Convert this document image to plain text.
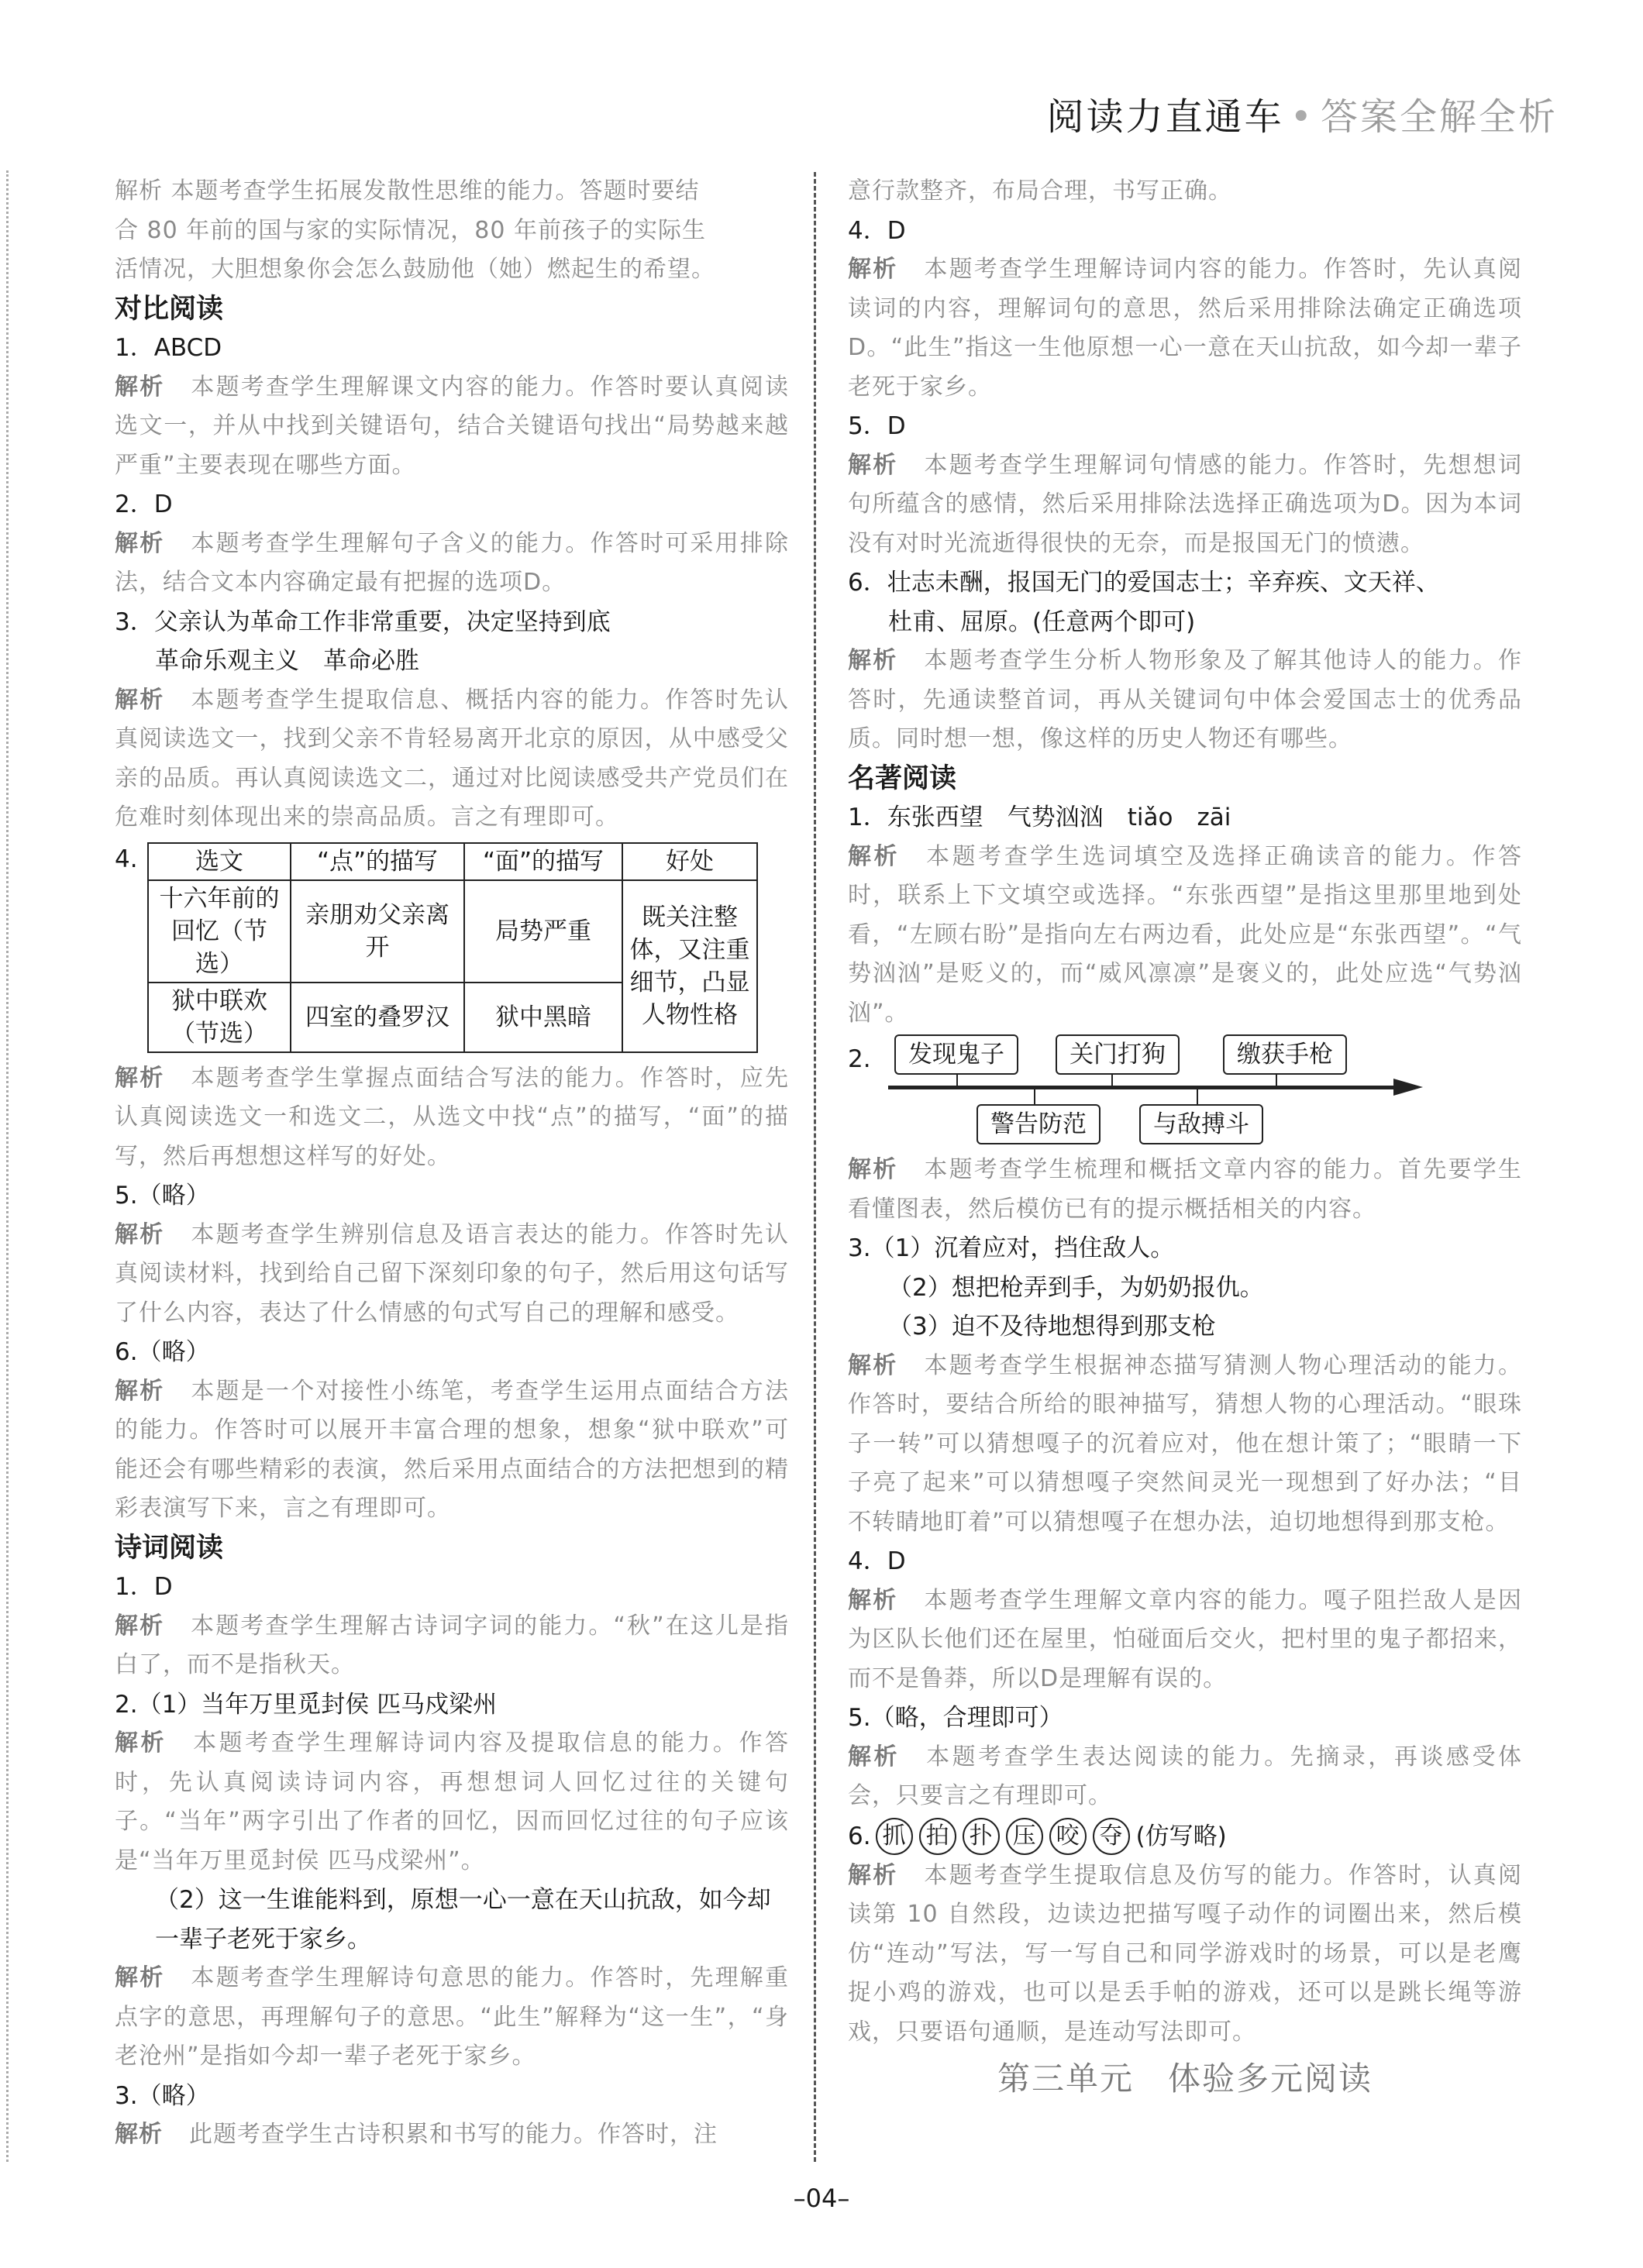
阅读力直通车 • 答案全解全析
解析 本题考查学生拓展发散性思维的能力。答题时要结
合 80 年前的国与家的实际情况，80 年前孩子的实际生
活情况，大胆想象你会怎么鼓励他（她）燃起生的希望。
对比阅读
1．ABCD
解析 本题考查学生理解课文内容的能力。作答时要认真阅读选文一，并从中找到关键语句，结合关键语句找出“局势越来越严重”主要表现在哪些方面。
2．D
解析 本题考查学生理解句子含义的能力。作答时可采用排除法，结合文本内容确定最有把握的选项D。
3．父亲认为革命工作非常重要，决定坚持到底
革命乐观主义　革命必胜
解析 本题考查学生提取信息、概括内容的能力。作答时先认真阅读选文一，找到父亲不肯轻易离开北京的原因，从中感受父亲的品质。再认真阅读选文二，通过对比阅读感受共产党员们在危难时刻体现出来的崇高品质。言之有理即可。
4.	选文	“点”的描写	“面”的描写	好处
十六年前的回忆（节选）	亲朋劝父亲离开	局势严重	既关注整体，又注重细节，凸显人物性格
狱中联欢（节选）	四室的叠罗汉	狱中黑暗	
解析 本题考查学生掌握点面结合写法的能力。作答时，应先认真阅读选文一和选文二，从选文中找“点”的描写，“面”的描写，然后再想想这样写的好处。
5.（略）
解析 本题考查学生辨别信息及语言表达的能力。作答时先认真阅读材料，找到给自己留下深刻印象的句子，然后用这句话写了什么内容，表达了什么情感的句式写自己的理解和感受。
6.（略）
解析 本题是一个对接性小练笔，考查学生运用点面结合方法的能力。作答时可以展开丰富合理的想象，想象“狱中联欢”可能还会有哪些精彩的表演，然后采用点面结合的方法把想到的精彩表演写下来，言之有理即可。
诗词阅读
1．D
解析 本题考查学生理解古诗词字词的能力。“秋”在这儿是指白了，而不是指秋天。
2.（1）当年万里觅封侯 匹马戍梁州
解析 本题考查学生理解诗词内容及提取信息的能力。作答时，先认真阅读诗词内容，再想想词人回忆过往的关键句子。“当年”两字引出了作者的回忆，因而回忆过往的句子应该是“当年万里觅封侯 匹马戍梁州”。
（2）这一生谁能料到，原想一心一意在天山抗敌，如今却一辈子老死于家乡。
解析 本题考查学生理解诗句意思的能力。作答时，先理解重点字的意思，再理解句子的意思。“此生”解释为“这一生”，“身老沧州”是指如今却一辈子老死于家乡。
3.（略）
解析 此题考查学生古诗积累和书写的能力。作答时，注
意行款整齐，布局合理，书写正确。
4．D
解析 本题考查学生理解诗词内容的能力。作答时，先认真阅读词的内容，理解词句的意思，然后采用排除法确定正确选项D。“此生”指这一生他原想一心一意在天山抗敌，如今却一辈子老死于家乡。
5．D
解析 本题考查学生理解词句情感的能力。作答时，先想想词句所蕴含的感情，然后采用排除法选择正确选项为D。因为本词没有对时光流逝得很快的无奈，而是报国无门的愤懑。
6．壮志未酬，报国无门的爱国志士；辛弃疾、文天祥、
杜甫、屈原。(任意两个即可)
解析 本题考查学生分析人物形象及了解其他诗人的能力。作答时，先通读整首词，再从关键词句中体会爱国志士的优秀品质。同时想一想，像这样的历史人物还有哪些。
名著阅读
1．东张西望　气势汹汹　tiǎo　zāi
解析 本题考查学生选词填空及选择正确读音的能力。作答时，联系上下文填空或选择。“东张西望”是指这里那里地到处看，“左顾右盼”是指向左右两边看，此处应是“东张西望”。“气势汹汹”是贬义的，而“威风凛凛”是褒义的，此处应选“气势汹汹”。
2.	发现鬼子	关门打狗	缴获手枪
警告防范	与敌搏斗
解析 本题考查学生梳理和概括文章内容的能力。首先要学生看懂图表，然后模仿已有的提示概括相关的内容。
3.（1）沉着应对，挡住敌人。
（2）想把枪弄到手，为奶奶报仇。
（3）迫不及待地想得到那支枪
解析 本题考查学生根据神态描写猜测人物心理活动的能力。作答时，要结合所给的眼神描写，猜想人物的心理活动。“眼珠子一转”可以猜想嘎子的沉着应对，他在想计策了；“眼睛一下子亮了起来”可以猜想嘎子突然间灵光一现想到了好办法；“目不转睛地盯着”可以猜想嘎子在想办法，迫切地想得到那支枪。
4．D
解析 本题考查学生理解文章内容的能力。嘎子阻拦敌人是因为区队长他们还在屋里，怕碰面后交火，把村里的鬼子都招来，而不是鲁莽，所以D是理解有误的。
5.（略，合理即可）
解析 本题考查学生表达阅读的能力。先摘录，再谈感受体会，只要言之有理即可。
6. 抓 拍 扑 压 咬 夺 (仿写略)
解析 本题考查学生提取信息及仿写的能力。作答时，认真阅读第 10 自然段，边读边把描写嘎子动作的词圈出来，然后模仿“连动”写法，写一写自己和同学游戏时的场景，可以是老鹰捉小鸡的游戏，也可以是丢手帕的游戏，还可以是跳长绳等游戏，只要语句通顺，是连动写法即可。
第三单元　体验多元阅读
–04–
